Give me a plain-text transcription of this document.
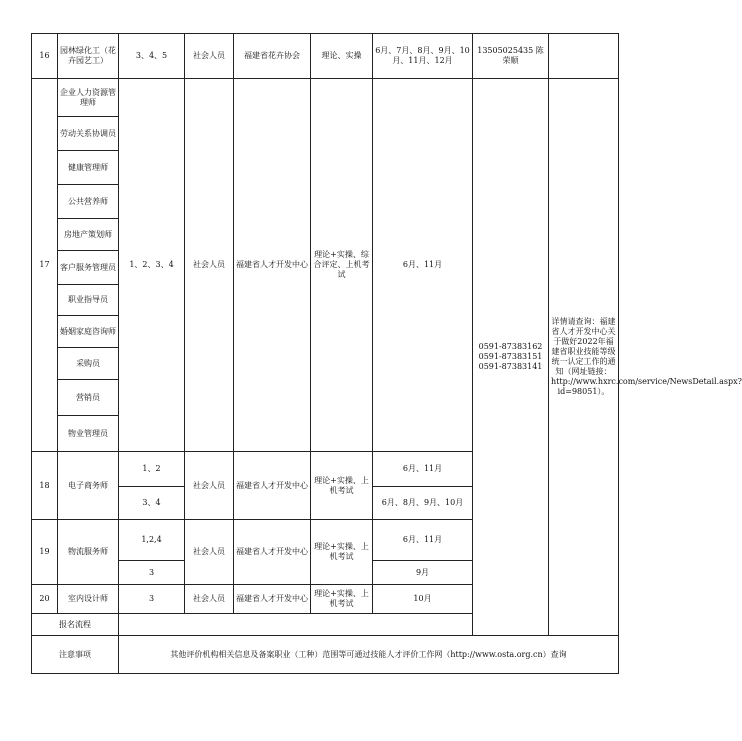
16	园林绿化工（花卉园艺工）	3、4、5	社会人员	福建省花卉协会	理论、实操	6月、7月、8月、9月、10月、11月、12月	13505025435 陈荣顺	
17	企业人力资源管理师	1、2、3、4	社会人员	福建省人才开发中心	理论+实操、综合评定、上机考试	6月、11月	0591-87383162 0591-87383151 0591-87383141	详情请查询：福建省人才开发中心关于做好2022年福建省职业技能等级统一认定工作的通知（网址链接：http://www.hxrc.com/service/NewsDetail.aspx?id=98051）。
	劳动关系协调员							
	健康管理师							
	公共营养师							
	房地产策划师							
	客户服务管理员							
	职业指导员							
	婚姻家庭咨询师							
	采购员							
	营销员							
	物业管理员							
18	电子商务师	1、2	社会人员	福建省人才开发中心	理论+实操、上机考试	6月、11月		
		3、4				6月、8月、9月、10月		
19	物流服务师	1,2,4	社会人员	福建省人才开发中心	理论+实操、上机考试	6月、11月		
		3				9月		
20	室内设计师	3	社会人员	福建省人才开发中心	理论+实操、上机考试	10月		
报名流程								
注意事项		其他评价机构相关信息及备案职业（工种）范围等可通过技能人才评价工作网（http://www.osta.org.cn）查询						
